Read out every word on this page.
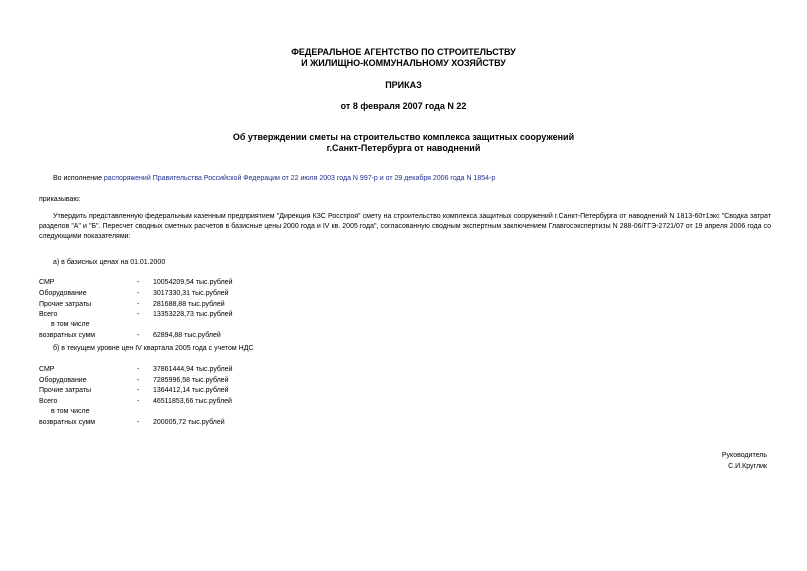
ФЕДЕРАЛЬНОЕ АГЕНТСТВО ПО СТРОИТЕЛЬСТВУ
И ЖИЛИЩНО-КОММУНАЛЬНОМУ ХОЗЯЙСТВУ
ПРИКАЗ
от 8 февраля 2007 года N 22
Об утверждении сметы на строительство комплекса защитных сооружений
г.Санкт-Петербурга от наводнений
Во исполнение распоряжений Правительства Российской Федерации от 22 июля 2003 года N 997-р и от 29 декабря 2006 года N 1854-р
приказываю:
Утвердить представленную федеральным казенным предприятием "Дирекция КЗС Росстроя" смету на строительство комплекса защитных сооружений г.Санкт-Петербурга от наводнений N 1813-60т1экс "Сводка затрат разделов "А" и "Б". Пересчет сводных сметных расчетов в базисные цены 2000 года и IV кв. 2005 года", согласованную сводным экспертным заключением Главгосэкспертизы N 288-06/ГГЭ-2721/07 от 19 апреля 2006 года со следующими показателями:
а) в базисных ценах на 01.01.2000
СМР	- 10054209,54 тыс.рублей
Оборудование	- 3017330,31 тыс.рублей
Прочие затраты	- 281688,88 тыс.рублей
Всего	- 13353228,73 тыс.рублей
в том числе
возвратных сумм	- 62894,88 тыс.рублей
б) в текущем уровне цен IV квартала 2005 года с учетом НДС
СМР	- 37861444,94 тыс.рублей
Оборудование	- 7285996,58 тыс.рублей
Прочие затраты	- 1364412,14 тыс.рублей
Всего	- 46511853,66 тыс.рублей
в том числе
возвратных сумм	- 200005,72 тыс.рублей
Руководитель
С.И.Круглик
